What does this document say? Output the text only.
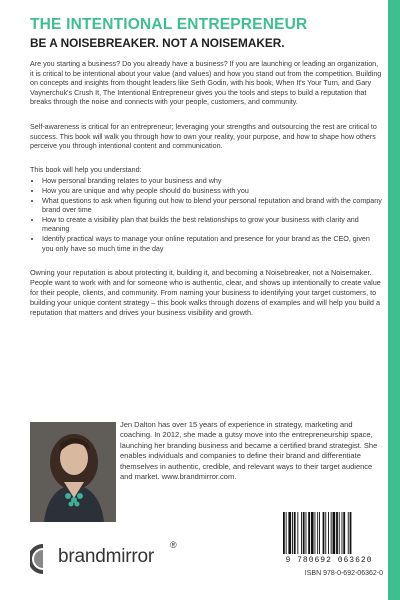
THE INTENTIONAL ENTREPRENEUR
BE A NOISEBREAKER. NOT A NOISEMAKER.

Are you starting a business? Do you already have a business? If you are launching or leading an organization, it is critical to be intentional about your value (and values) and how you stand out from the competition. Building on concepts and insights from thought leaders like Seth Godin, with his book, When It's Your Turn, and Gary Vaynerchuk's Crush It, The Intentional Entrepreneur gives you the tools and steps to build a reputation that breaks through the noise and connects with your people, customers, and community.

Self-awareness is critical for an entrepreneur; leveraging your strengths and outsourcing the rest are critical to success. This book will walk you through how to own your reality, your purpose, and how to shape how others perceive you through intentional content and communication.

This book will help you understand:
• How personal branding relates to your business and why
• How you are unique and why people should do business with you
• What questions to ask when figuring out how to blend your personal reputation and brand with the company brand over time
• How to create a visibility plan that builds the best relationships to grow your business with clarity and meaning
• Identify practical ways to manage your online reputation and presence for your brand as the CEO, given you only have so much time in the day

Owning your reputation is about protecting it, building it, and becoming a Noisebreaker, not a Noisemaker. People want to work with and for someone who is authentic, clear, and shows up intentionally to create value for their people, clients, and community. From naming your business to identifying your target customers, to building your unique content strategy – this book walks through dozens of examples and will help you build a reputation that matters and drives your business visibility and growth.

Jen Dalton has over 15 years of experience in strategy, marketing and coaching. In 2012, she made a gutsy move into the entrepreneurship space, launching her branding business and became a certified brand strategist. She enables individuals and companies to define their brand and differentiate themselves in authentic, credible, and relevant ways to their target audience and market. www.brandmirror.com.
brandmirror
®
9 780692 063620
ISBN 978-0-692-06362-0
